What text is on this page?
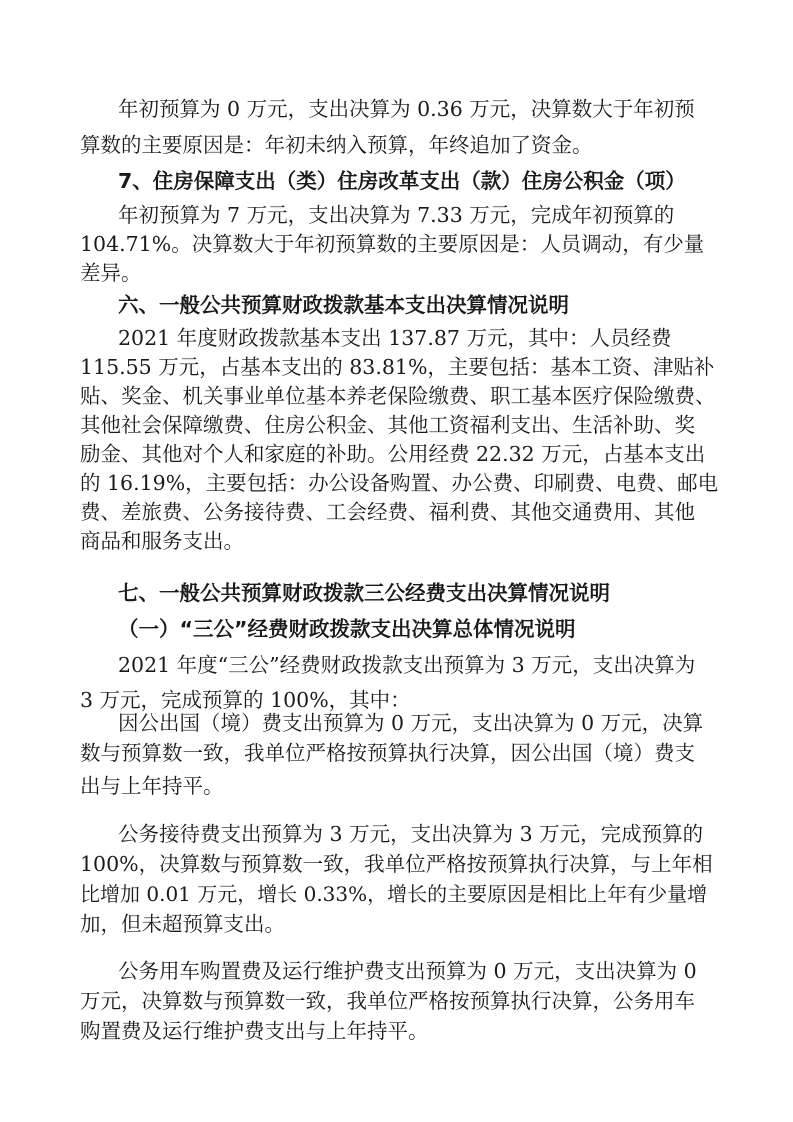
年初预算为 0 万元，支出决算为 0.36 万元，决算数大于年初预
算数的主要原因是：年初未纳入预算，年终追加了资金。
7、住房保障支出（类）住房改革支出（款）住房公积金（项）
年初预算为 7 万元，支出决算为 7.33 万元，完成年初预算的
104.71%。决算数大于年初预算数的主要原因是：人员调动，有少量
差异。
六、一般公共预算财政拨款基本支出决算情况说明
2021 年度财政拨款基本支出 137.87 万元，其中：人员经费
115.55 万元，占基本支出的 83.81%，主要包括：基本工资、津贴补
贴、奖金、机关事业单位基本养老保险缴费、职工基本医疗保险缴费、
其他社会保障缴费、住房公积金、其他工资福利支出、生活补助、奖
励金、其他对个人和家庭的补助。公用经费 22.32 万元，占基本支出
的 16.19%，主要包括：办公设备购置、办公费、印刷费、电费、邮电
费、差旅费、公务接待费、工会经费、福利费、其他交通费用、其他
商品和服务支出。
七、一般公共预算财政拨款三公经费支出决算情况说明
（一）“三公”经费财政拨款支出决算总体情况说明
2021 年度“三公”经费财政拨款支出预算为 3 万元，支出决算为
3 万元，完成预算的 100%，其中：
因公出国（境）费支出预算为 0 万元，支出决算为 0 万元，决算
数与预算数一致，我单位严格按预算执行决算，因公出国（境）费支
出与上年持平。
公务接待费支出预算为 3 万元，支出决算为 3 万元，完成预算的
100%，决算数与预算数一致，我单位严格按预算执行决算，与上年相
比增加 0.01 万元，增长 0.33%，增长的主要原因是相比上年有少量增
加，但未超预算支出。
公务用车购置费及运行维护费支出预算为 0 万元，支出决算为 0
万元，决算数与预算数一致，我单位严格按预算执行决算，公务用车
购置费及运行维护费支出与上年持平。
